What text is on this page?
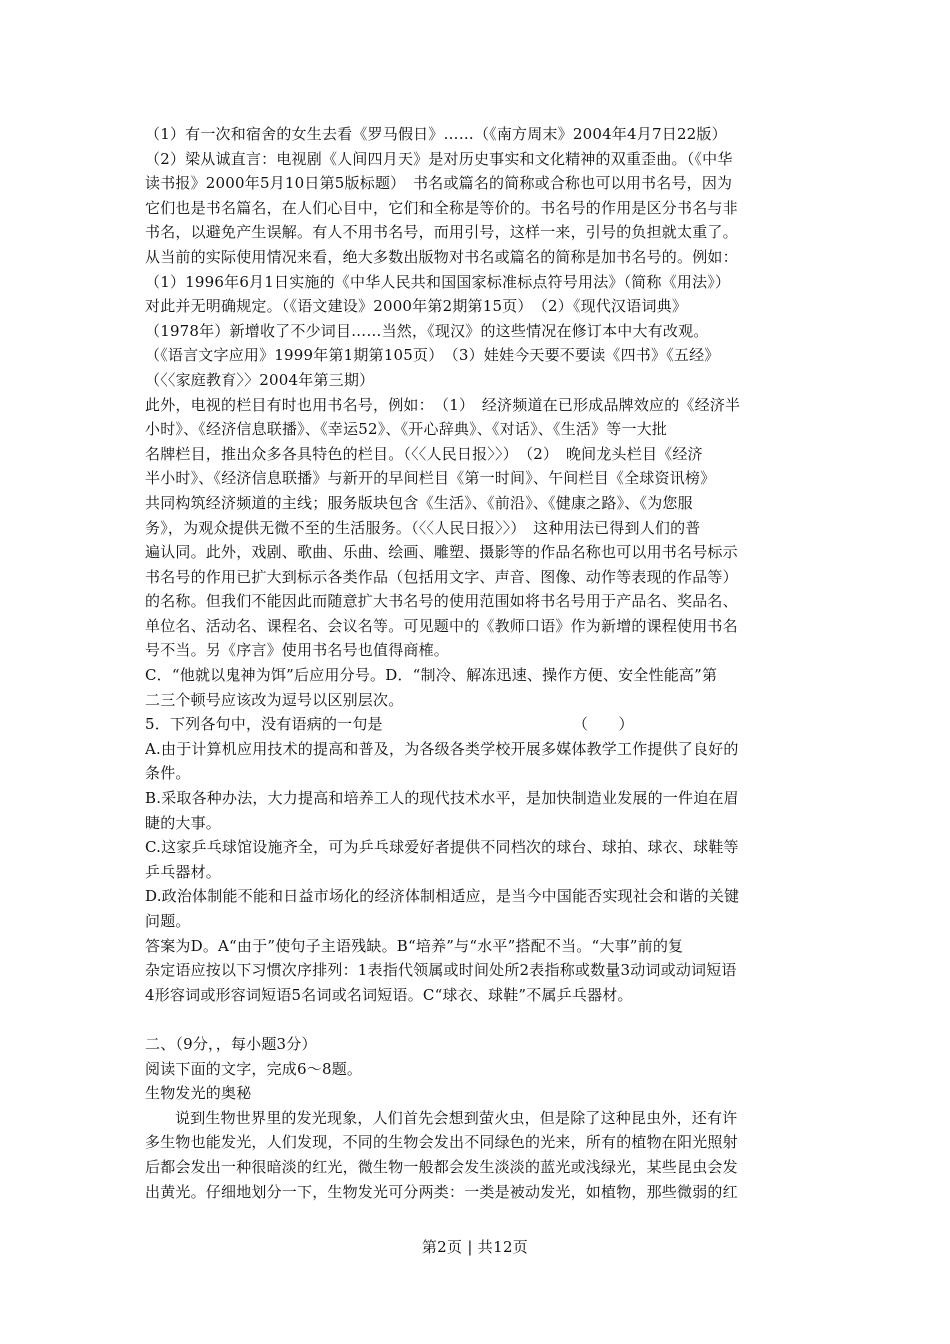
（1）有一次和宿舍的女生去看《罗马假日》……（《南方周末》2004年4月7日22版）
（2）梁从诚直言：电视剧《人间四月天》是对历史事实和文化精神的双重歪曲。（《中华
读书报》2000年5月10日第5版标题）　书名或篇名的简称或合称也可以用书名号，因为
它们也是书名篇名，在人们心目中，它们和全称是等价的。书名号的作用是区分书名与非
书名，以避免产生误解。有人不用书名号，而用引号，这样一来，引号的负担就太重了。
从当前的实际使用情况来看，绝大多数出版物对书名或篇名的简称是加书名号的。例如：
（1）1996年6月1日实施的《中华人民共和国国家标准标点符号用法》（简称《用法》）
对此并无明确规定。（《语文建设》2000年第2期第15页）　（2）《现代汉语词典》
（1978年）新增收了不少词目……当然，《现汉》的这些情况在修订本中大有改观。
（《语言文字应用》1999年第1期第105页）　（3）娃娃今天要不要读《四书》《五经》
（〈〈家庭教育〉〉2004年第三期）
此外，电视的栏目有时也用书名号，例如：　（1）　经济频道在已形成品牌效应的《经济半
小时》、《经济信息联播》、《幸运52》、《开心辞典》、《对话》、《生活》等一大批
名牌栏目，推出众多各具特色的栏目。（〈〈人民日报〉〉）　（2）　晚间龙头栏目《经济
半小时》、《经济信息联播》与新开的早间栏目《第一时间》、午间栏目《全球资讯榜》
共同构筑经济频道的主线；服务版块包含《生活》、《前沿》、《健康之路》、《为您服
务》，为观众提供无微不至的生活服务。（〈〈人民日报〉〉）　这种用法已得到人们的普
遍认同。此外，戏剧、歌曲、乐曲、绘画、雕塑、摄影等的作品名称也可以用书名号标示
书名号的作用已扩大到标示各类作品（包括用文字、声音、图像、动作等表现的作品等）
的名称。但我们不能因此而随意扩大书名号的使用范围如将书名号用于产品名、奖品名、
单位名、活动名、课程名、会议名等。可见题中的《教师口语》作为新增的课程使用书名
号不当。另《序言》使用书名号也值得商榷。
C．“他就以鬼神为饵”后应用分号。D．“制冷、解冻迅速、操作方便、安全性能高”第
二三个顿号应该改为逗号以区别层次。
5．下列各句中，没有语病的一句是　　　　　　　　　　　　　（　　）
A.由于计算机应用技术的提高和普及，为各级各类学校开展多媒体教学工作提供了良好的
条件。
B.采取各种办法，大力提高和培养工人的现代技术水平，是加快制造业发展的一件迫在眉
睫的大事。
C.这家乒乓球馆设施齐全，可为乒乓球爱好者提供不同档次的球台、球拍、球衣、球鞋等
乒乓器材。
D.政治体制能不能和日益市场化的经济体制相适应，是当今中国能否实现社会和谐的关键
问题。
答案为D。A“由于”使句子主语残缺。B“培养”与“水平”搭配不当。“大事”前的复
杂定语应按以下习惯次序排列：1表指代领属或时间处所2表指称或数量3动词或动词短语
4形容词或形容词短语5名词或名词短语。C“球衣、球鞋”不属乒乓器材。
二、（9分，，每小题3分）
阅读下面的文字，完成6～8题。
生物发光的奥秘
说到生物世界里的发光现象，人们首先会想到萤火虫，但是除了这种昆虫外，还有许
多生物也能发光，人们发现，不同的生物会发出不同绿色的光来，所有的植物在阳光照射
后都会发出一种很暗淡的红光，微生物一般都会发生淡淡的蓝光或浅绿光，某些昆虫会发
出黄光。仔细地划分一下，生物发光可分两类：一类是被动发光，如植物，那些微弱的红
第2页 | 共12页
